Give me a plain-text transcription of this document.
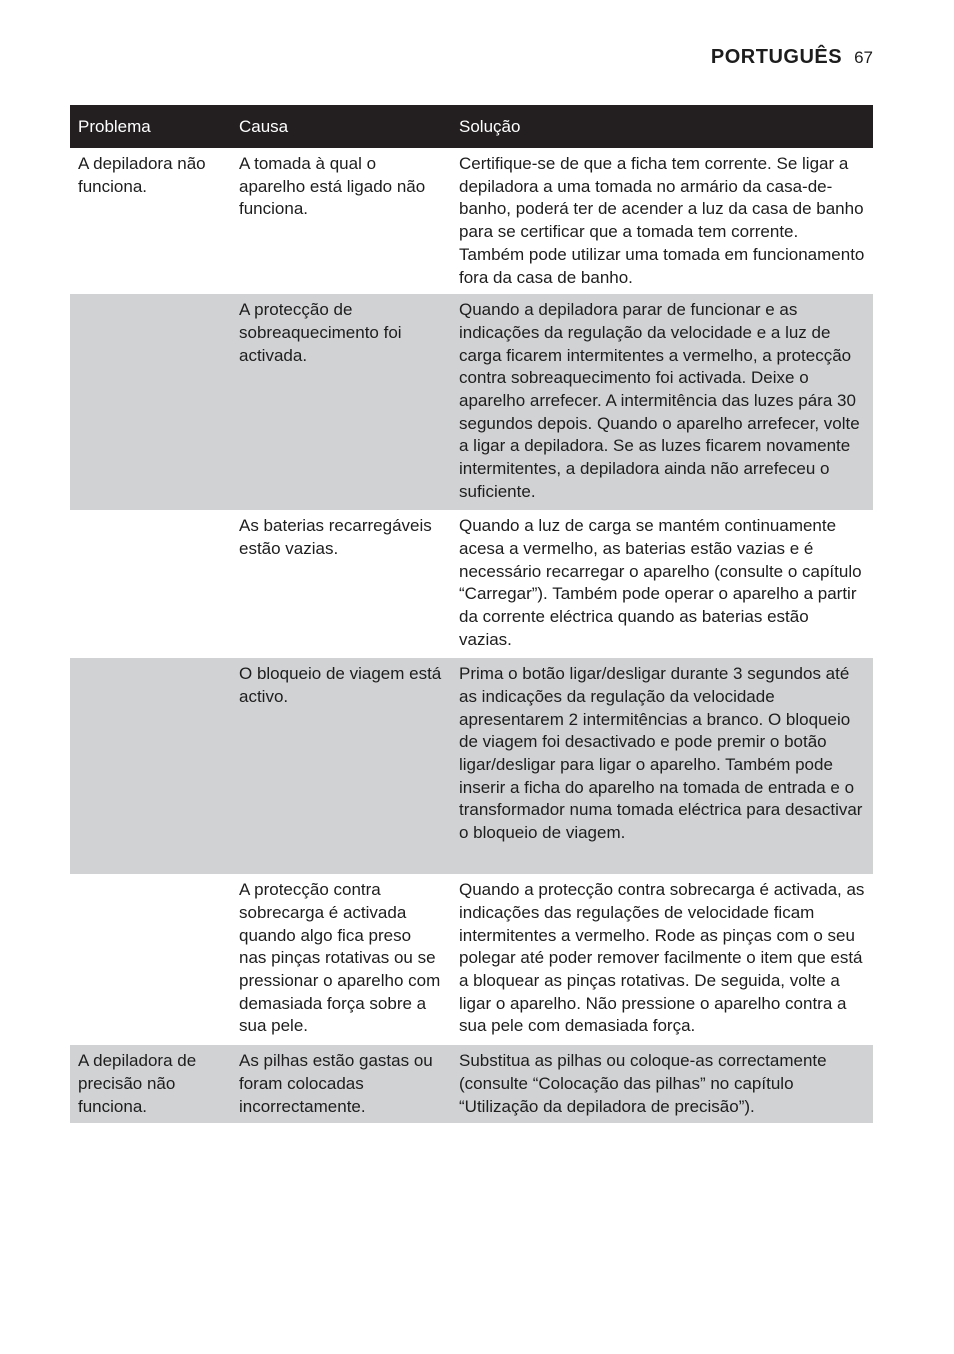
PORTUGUÊS 67
Problema	Causa	Solução
A depiladora não funciona.	A tomada à qual o aparelho está ligado não funciona.	Certifique-se de que a ficha tem corrente. Se ligar a depiladora a uma tomada no armário da casa-de-banho, poderá ter de acender a luz da casa de banho para se certificar que a tomada tem corrente. Também pode utilizar uma tomada em funcionamento fora da casa de banho.
	A protecção de sobreaquecimento foi activada.	Quando a depiladora parar de funcionar e as indicações da regulação da velocidade e a luz de carga ficarem intermitentes a vermelho, a protecção contra sobreaquecimento foi activada. Deixe o aparelho arrefecer. A intermitência das luzes pára 30 segundos depois. Quando o aparelho arrefecer, volte a ligar a depiladora. Se as luzes ficarem novamente intermitentes, a depiladora ainda não arrefeceu o suficiente.
	As baterias recarregáveis estão vazias.	Quando a luz de carga se mantém continuamente acesa a vermelho, as baterias estão vazias e é necessário recarregar o aparelho (consulte o capítulo “Carregar”). Também pode operar o aparelho a partir da corrente eléctrica quando as baterias estão vazias.
	O bloqueio de viagem está activo.	Prima o botão ligar/desligar durante 3 segundos até as indicações da regulação da velocidade apresentarem 2 intermitências a branco. O bloqueio de viagem foi desactivado e pode premir o botão ligar/desligar para ligar o aparelho. Também pode inserir a ficha do aparelho na tomada de entrada e o transformador numa tomada eléctrica para desactivar o bloqueio de viagem.
	A protecção contra sobrecarga é activada quando algo fica preso nas pinças rotativas ou se pressionar o aparelho com demasiada força sobre a sua pele.	Quando a protecção contra sobrecarga é activada, as indicações das regulações de velocidade ficam intermitentes a vermelho. Rode as pinças com o seu polegar até poder remover facilmente o item que está a bloquear as pinças rotativas. De seguida, volte a ligar o aparelho. Não pressione o aparelho contra a sua pele com demasiada força.
A depiladora de precisão não funciona.	As pilhas estão gastas ou foram colocadas incorrectamente.	Substitua as pilhas ou coloque-as correctamente (consulte “Colocação das pilhas” no capítulo “Utilização da depiladora de precisão”).
